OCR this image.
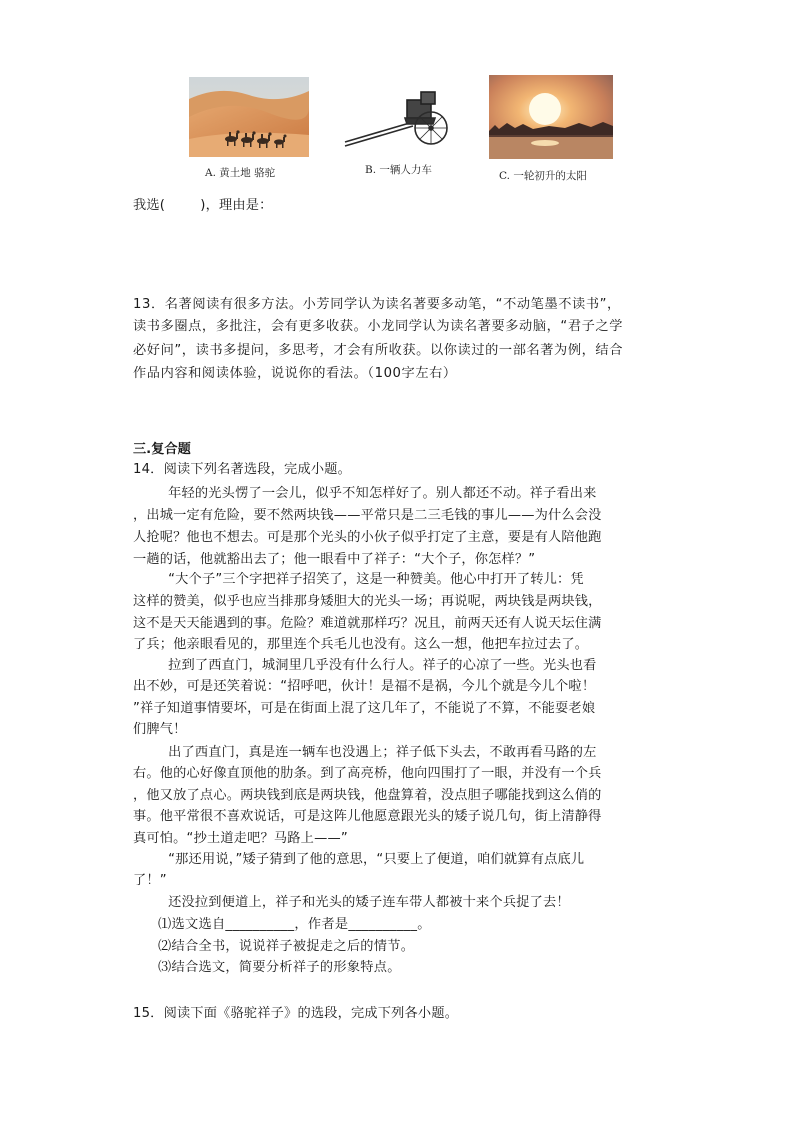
A. 黄土地 骆驼	B. 一辆人力车	C. 一轮初升的太阳
我选(        )，理由是：
13．名著阅读有很多方法。小芳同学认为读名著要多动笔，“不动笔墨不读书”，
读书多圈点，多批注，会有更多收获。小龙同学认为读名著要多动脑，“君子之学
必好问”，读书多提问，多思考，才会有所收获。以你读过的一部名著为例，结合
作品内容和阅读体验，说说你的看法。（100字左右）
三.复合题
14．阅读下列名著选段，完成小题。
年轻的光头愣了一会儿，似乎不知怎样好了。别人都还不动。祥子看出来
，出城一定有危险，要不然两块钱——平常只是二三毛钱的事儿——为什么会没
人抢呢？他也不想去。可是那个光头的小伙子似乎打定了主意，要是有人陪他跑
一趟的话，他就豁出去了；他一眼看中了祥子：“大个子，你怎样？”
“大个子”三个字把祥子招笑了，这是一种赞美。他心中打开了转儿：凭
这样的赞美，似乎也应当排那身矮胆大的光头一场；再说呢，两块钱是两块钱，
这不是天天能遇到的事。危险？难道就那样巧？况且，前两天还有人说天坛住满
了兵；他亲眼看见的，那里连个兵毛儿也没有。这么一想，他把车拉过去了。
拉到了西直门，城洞里几乎没有什么行人。祥子的心凉了一些。光头也看
出不妙，可是还笑着说：“招呼吧，伙计！是福不是祸，今儿个就是今儿个啦！
”祥子知道事情要坏，可是在街面上混了这几年了，不能说了不算，不能耍老娘
们脾气！
出了西直门，真是连一辆车也没遇上；祥子低下头去，不敢再看马路的左
右。他的心好像直顶他的肋条。到了高亮桥，他向四围打了一眼，并没有一个兵
，他又放了点心。两块钱到底是两块钱，他盘算着，没点胆子哪能找到这么俏的
事。他平常很不喜欢说话，可是这阵儿他愿意跟光头的矮子说几句，街上清静得
真可怕。“抄土道走吧？马路上——”
“那还用说，”矮子猜到了他的意思，“只要上了便道，咱们就算有点底儿
了！”
还没拉到便道上，祥子和光头的矮子连车带人都被十来个兵捉了去！
⑴选文选自__________，作者是__________。
⑵结合全书，说说祥子被捉走之后的情节。
⑶结合选文，简要分析祥子的形象特点。
15．阅读下面《骆驼祥子》的选段，完成下列各小题。
